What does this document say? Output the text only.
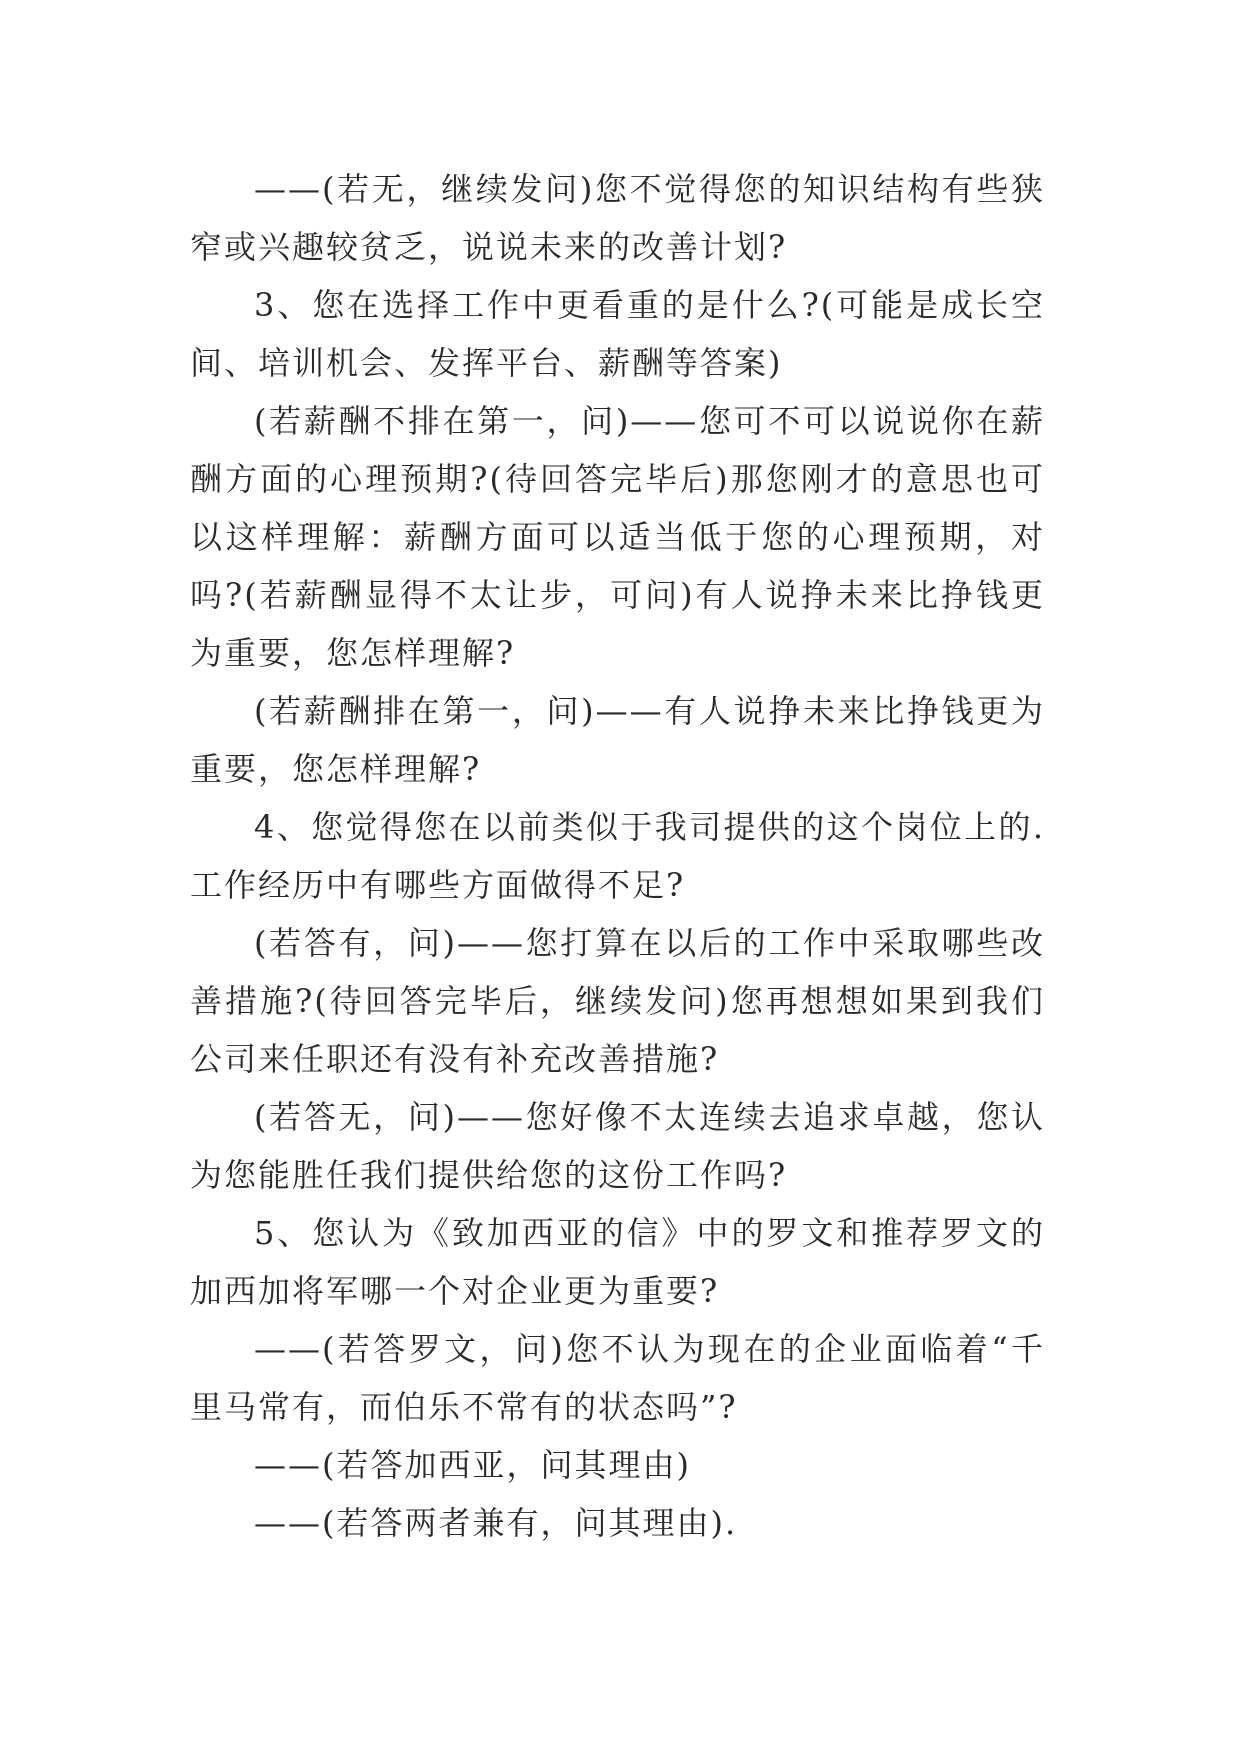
——(若无，继续发问)您不觉得您的知识结构有些狭窄或兴趣较贫乏，说说未来的改善计划?

3、您在选择工作中更看重的是什么?(可能是成长空间、培训机会、发挥平台、薪酬等答案)

(若薪酬不排在第一，问)——您可不可以说说你在薪酬方面的心理预期?(待回答完毕后)那您刚才的意思也可以这样理解：薪酬方面可以适当低于您的心理预期，对吗?(若薪酬显得不太让步，可问)有人说挣未来比挣钱更为重要，您怎样理解?

(若薪酬排在第一，问)——有人说挣未来比挣钱更为重要，您怎样理解?

4、您觉得您在以前类似于我司提供的这个岗位上的.工作经历中有哪些方面做得不足?

(若答有，问)——您打算在以后的工作中采取哪些改善措施?(待回答完毕后，继续发问)您再想想如果到我们公司来任职还有没有补充改善措施?

(若答无，问)——您好像不太连续去追求卓越，您认为您能胜任我们提供给您的这份工作吗?

5、您认为《致加西亚的信》中的罗文和推荐罗文的加西加将军哪一个对企业更为重要?

——(若答罗文，问)您不认为现在的企业面临着“千里马常有，而伯乐不常有的状态吗”?

——(若答加西亚，问其理由)

——(若答两者兼有，问其理由).
